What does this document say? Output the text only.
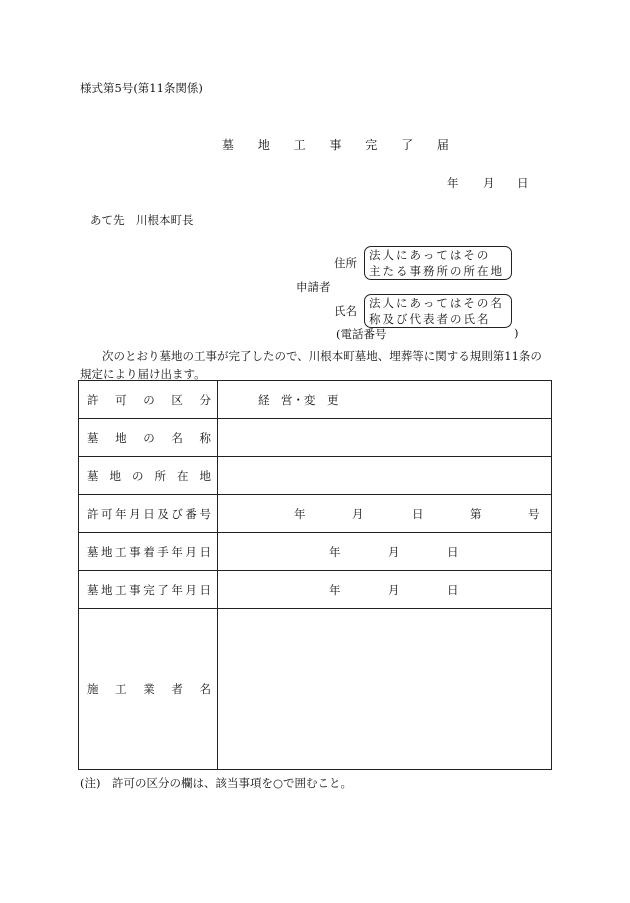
様式第5号(第11条関係)
墓 地 工 事 完 了 届
年 月 日
あて先　川根本町長
住所
法人にあってはその
主たる事務所の所在地
申請者
氏名
法人にあってはその名
称及び代表者の氏名
(電話番号	)
次のとおり墓地の工事が完了したので、川根本町墓地、埋葬等に関する規則第11条の規定により届け出ます。
許可の区分	経　営・変　更

墓地の名称	
墓地の所在地	
許可年月日及び番号	年 月 日 第 号

墓地工事着手年月日	年 月 日

墓地工事完了年月日	年 月 日

施工業者名	
(注)　許可の区分の欄は、該当事項を○で囲むこと。
